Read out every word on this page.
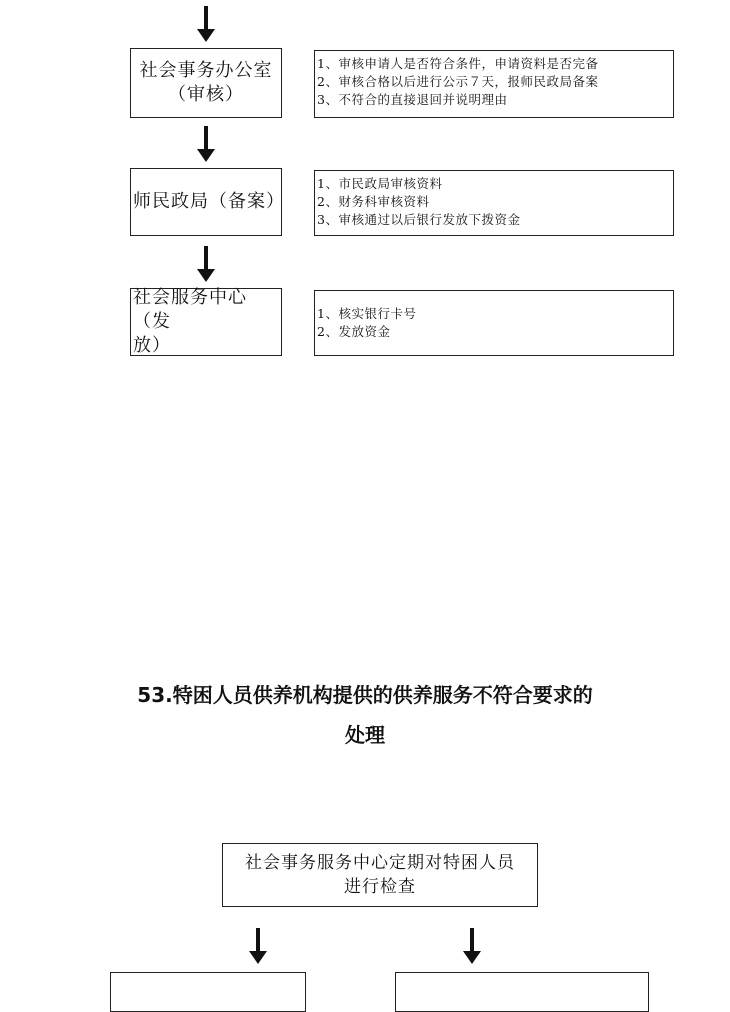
社会事务办公室
（审核）
1、审核申请人是否符合条件，申请资料是否完备
2、审核合格以后进行公示７天，报师民政局备案
3、不符合的直接退回并说明理由
师民政局（备案）
1、市民政局审核资料
2、财务科审核资料
3、审核通过以后银行发放下拨资金
社会服务中心（发
放）
1、核实银行卡号
2、发放资金
53.特困人员供养机构提供的供养服务不符合要求的
处理
社会事务服务中心定期对特困人员
进行检查
